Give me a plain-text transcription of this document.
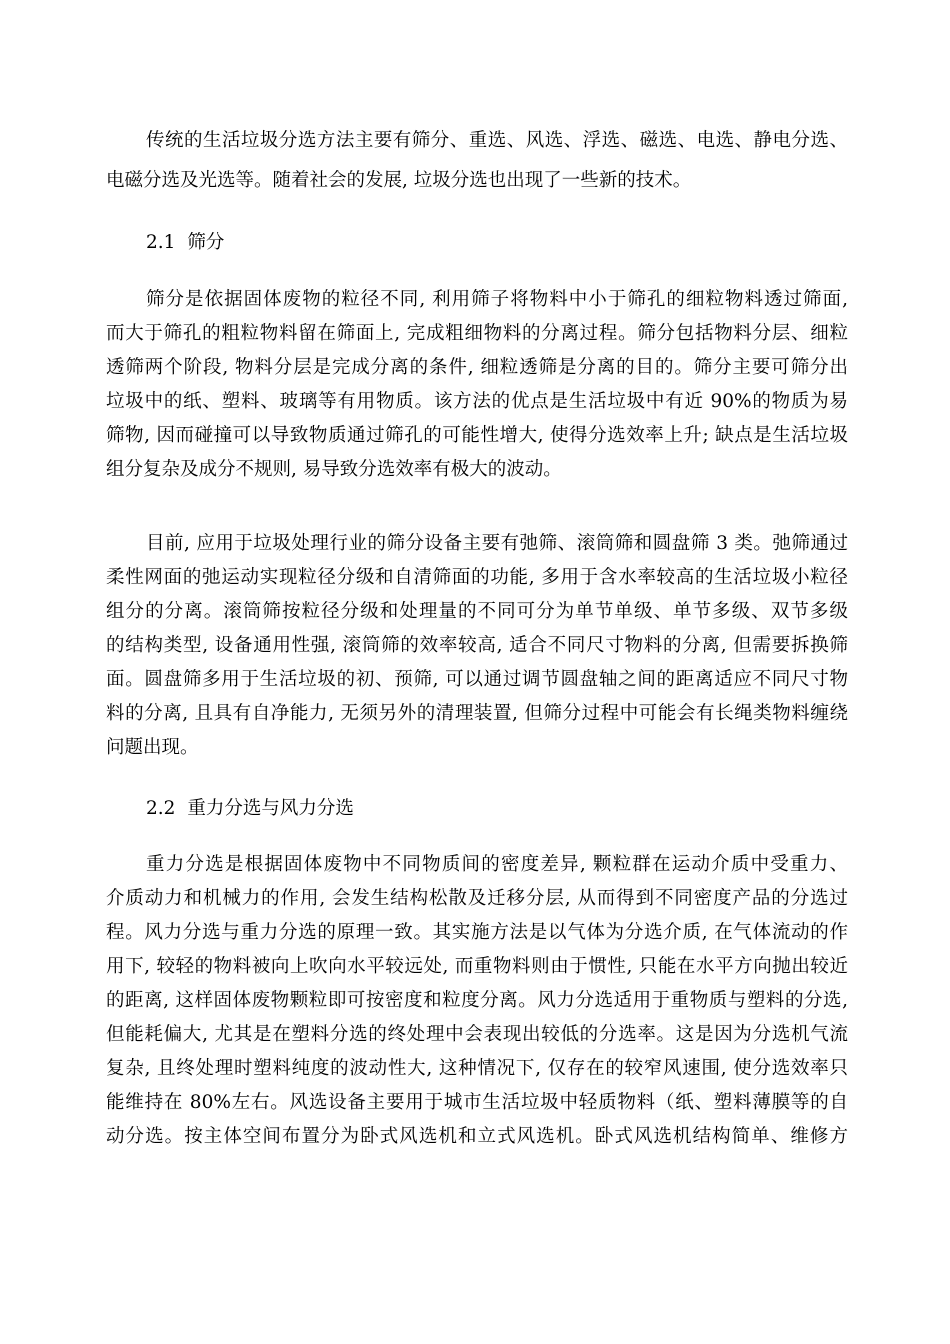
传统的生活垃圾分选方法主要有筛分、重选、风选、浮选、磁选、电选、静电分选、
电磁分选及光选等。随着社会的发展, 垃圾分选也出现了一些新的技术。
2.1 筛分
筛分是依据固体废物的粒径不同, 利用筛子将物料中小于筛孔的细粒物料透过筛面,
而大于筛孔的粗粒物料留在筛面上, 完成粗细物料的分离过程。筛分包括物料分层、细粒
透筛两个阶段, 物料分层是完成分离的条件, 细粒透筛是分离的目的。筛分主要可筛分出
垃圾中的纸、塑料、玻璃等有用物质。该方法的优点是生活垃圾中有近 90%的物质为易
筛物, 因而碰撞可以导致物质通过筛孔的可能性增大, 使得分选效率上升; 缺点是生活垃圾
组分复杂及成分不规则, 易导致分选效率有极大的波动。
目前, 应用于垃圾处理行业的筛分设备主要有弛筛、滚筒筛和圆盘筛 3 类。弛筛通过
柔性网面的弛运动实现粒径分级和自清筛面的功能, 多用于含水率较高的生活垃圾小粒径
组分的分离。滚筒筛按粒径分级和处理量的不同可分为单节单级、单节多级、双节多级
的结构类型, 设备通用性强, 滚筒筛的效率较高, 适合不同尺寸物料的分离, 但需要拆换筛
面。圆盘筛多用于生活垃圾的初、预筛, 可以通过调节圆盘轴之间的距离适应不同尺寸物
料的分离, 且具有自净能力, 无须另外的清理装置, 但筛分过程中可能会有长绳类物料缠绕
问题出现。
2.2 重力分选与风力分选
重力分选是根据固体废物中不同物质间的密度差异, 颗粒群在运动介质中受重力、
介质动力和机械力的作用, 会发生结构松散及迁移分层, 从而得到不同密度产品的分选过
程。风力分选与重力分选的原理一致。其实施方法是以气体为分选介质, 在气体流动的作
用下, 较轻的物料被向上吹向水平较远处, 而重物料则由于惯性, 只能在水平方向抛出较近
的距离, 这样固体废物颗粒即可按密度和粒度分离。风力分选适用于重物质与塑料的分选,
但能耗偏大, 尤其是在塑料分选的终处理中会表现出较低的分选率。这是因为分选机气流
复杂, 且终处理时塑料纯度的波动性大, 这种情况下, 仅存在的较窄风速围, 使分选效率只
能维持在 80%左右。风选设备主要用于城市生活垃圾中轻质物料（纸、塑料薄膜等的自
动分选。按主体空间布置分为卧式风选机和立式风选机。卧式风选机结构简单、维修方
